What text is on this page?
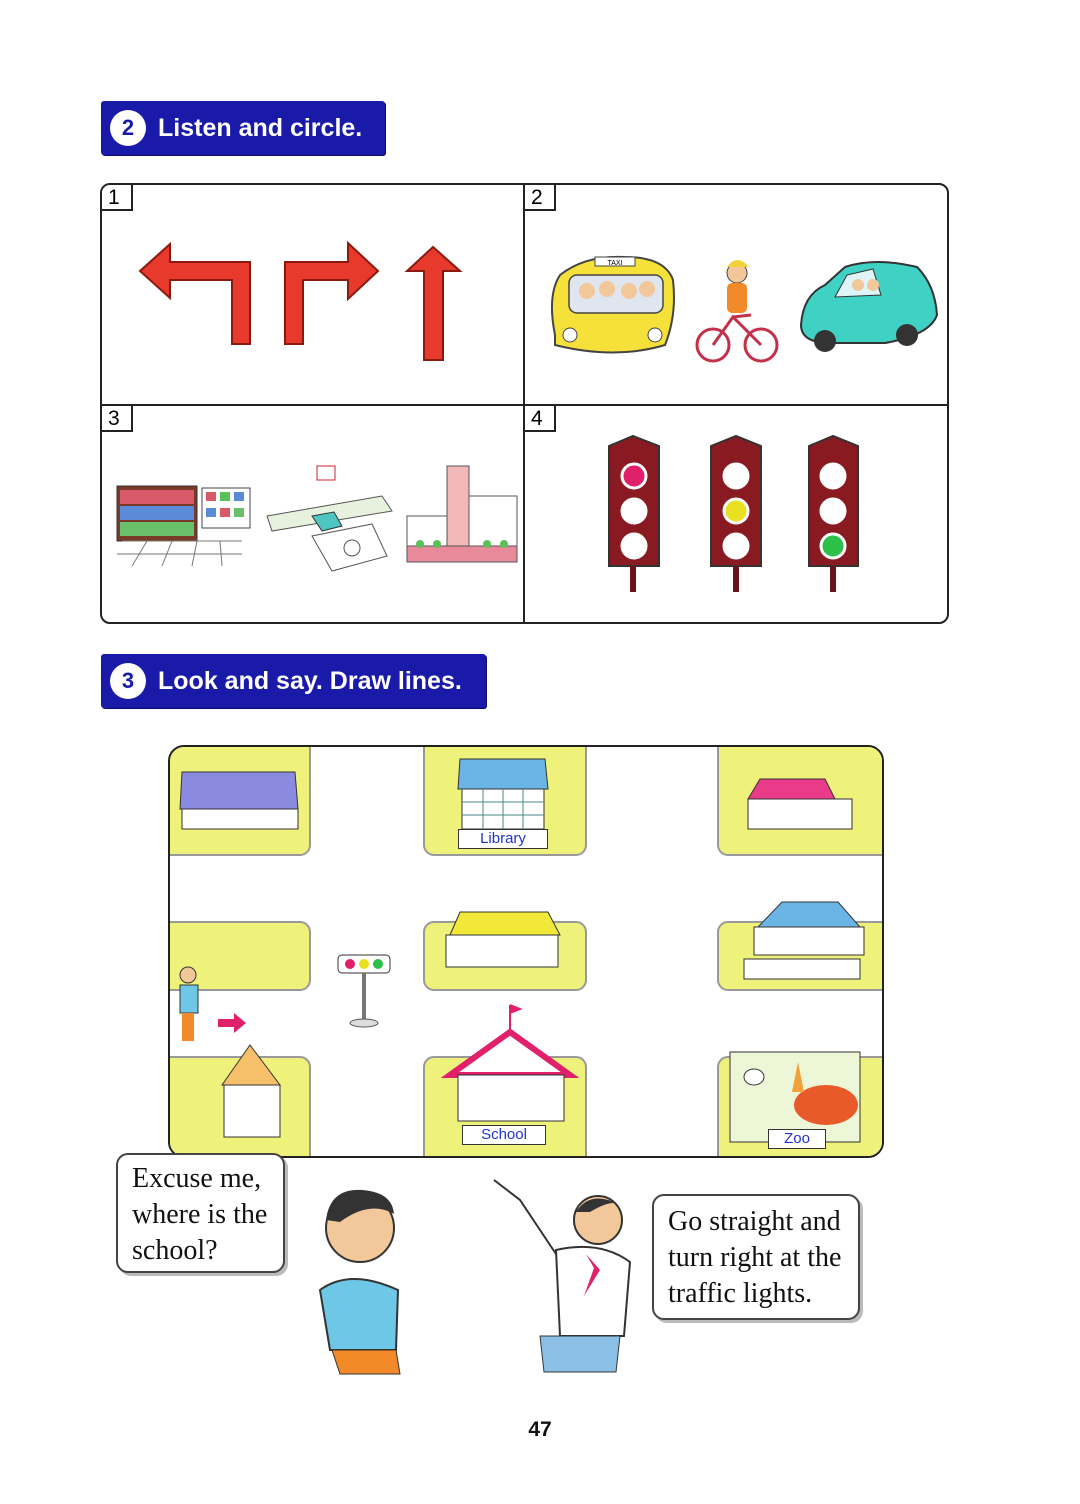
2 Listen and circle.
1	2
TAXI
3	4
3 Look and say. Draw lines.
Library
School	Zoo
Excuse me,
where is the
school?
Go straight and
turn right at the
traffic lights.
47
